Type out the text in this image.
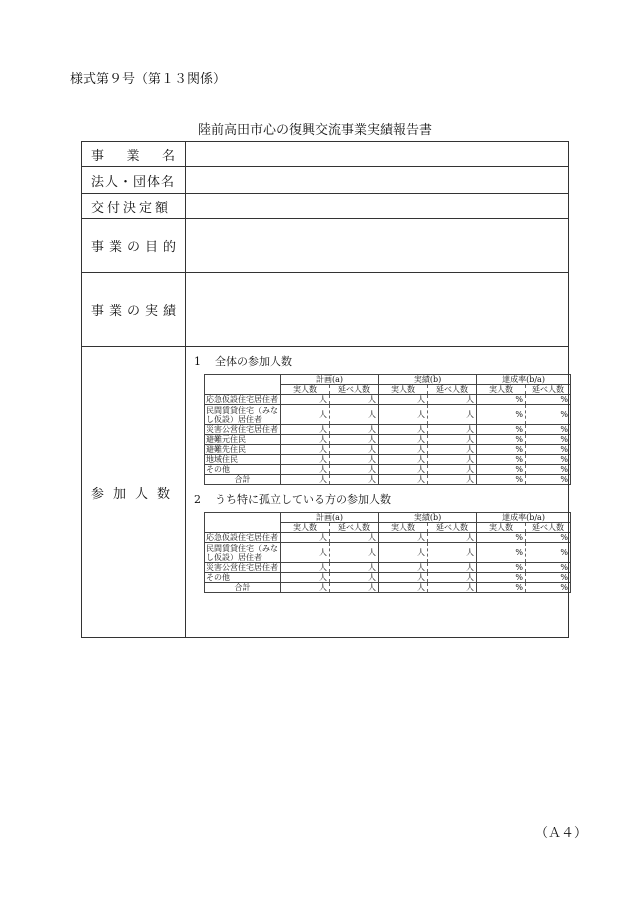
様式第９号（第１３関係）
陸前高田市心の復興交流事業実績報告書
事 業 名

法人・団体名	
交付決定額	
事業の目的	
事業の実績	
参加人数	
1 全体の参加人数
	計画(a)	実績(b)	達成率(b/a)
実人数	延べ人数	実人数	延べ人数	実人数	延べ人数
応急仮設住宅居住者	人	人	人	人	%	%
民間賃貸住宅（みなし仮設）居住者	人	人	人	人	%	%
災害公営住宅居住者	人	人	人	人	%	%
避難元住民	人	人	人	人	%	%
避難先住民	人	人	人	人	%	%
地域住民	人	人	人	人	%	%
その他	人	人	人	人	%	%
合計	人	人	人	人	%	%
2 うち特に孤立している方の参加人数
	計画(a)	実績(b)	達成率(b/a)
実人数	延べ人数	実人数	延べ人数	実人数	延べ人数
応急仮設住宅居住者	人	人	人	人	%	%
民間賃貸住宅（みなし仮設）居住者	人	人	人	人	%	%
災害公営住宅居住者	人	人	人	人	%	%
その他	人	人	人	人	%	%
合計	人	人	人	人	%	%
（Ａ４）
